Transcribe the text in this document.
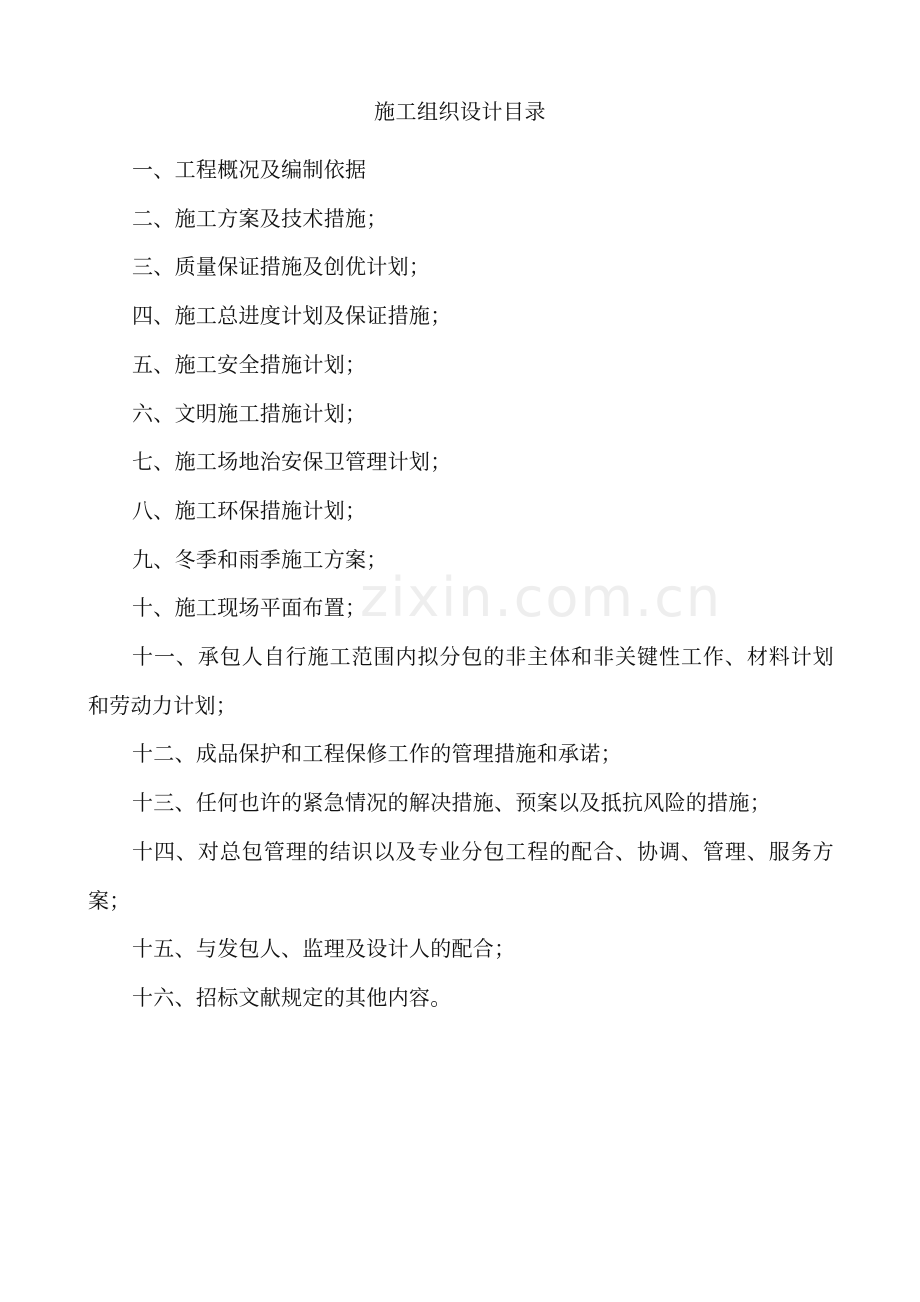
zixin.com.cn
施工组织设计目录
一、工程概况及编制依据
二、施工方案及技术措施；
三、质量保证措施及创优计划；
四、施工总进度计划及保证措施；
五、施工安全措施计划；
六、文明施工措施计划；
七、施工场地治安保卫管理计划；
八、施工环保措施计划；
九、冬季和雨季施工方案；
十、施工现场平面布置；
十一、承包人自行施工范围内拟分包的非主体和非关键性工作、材料计划和劳动力计划；
十二、成品保护和工程保修工作的管理措施和承诺；
十三、任何也许的紧急情况的解决措施、预案以及抵抗风险的措施；
十四、对总包管理的结识以及专业分包工程的配合、协调、管理、服务方案；
十五、与发包人、监理及设计人的配合；
十六、招标文献规定的其他内容。
